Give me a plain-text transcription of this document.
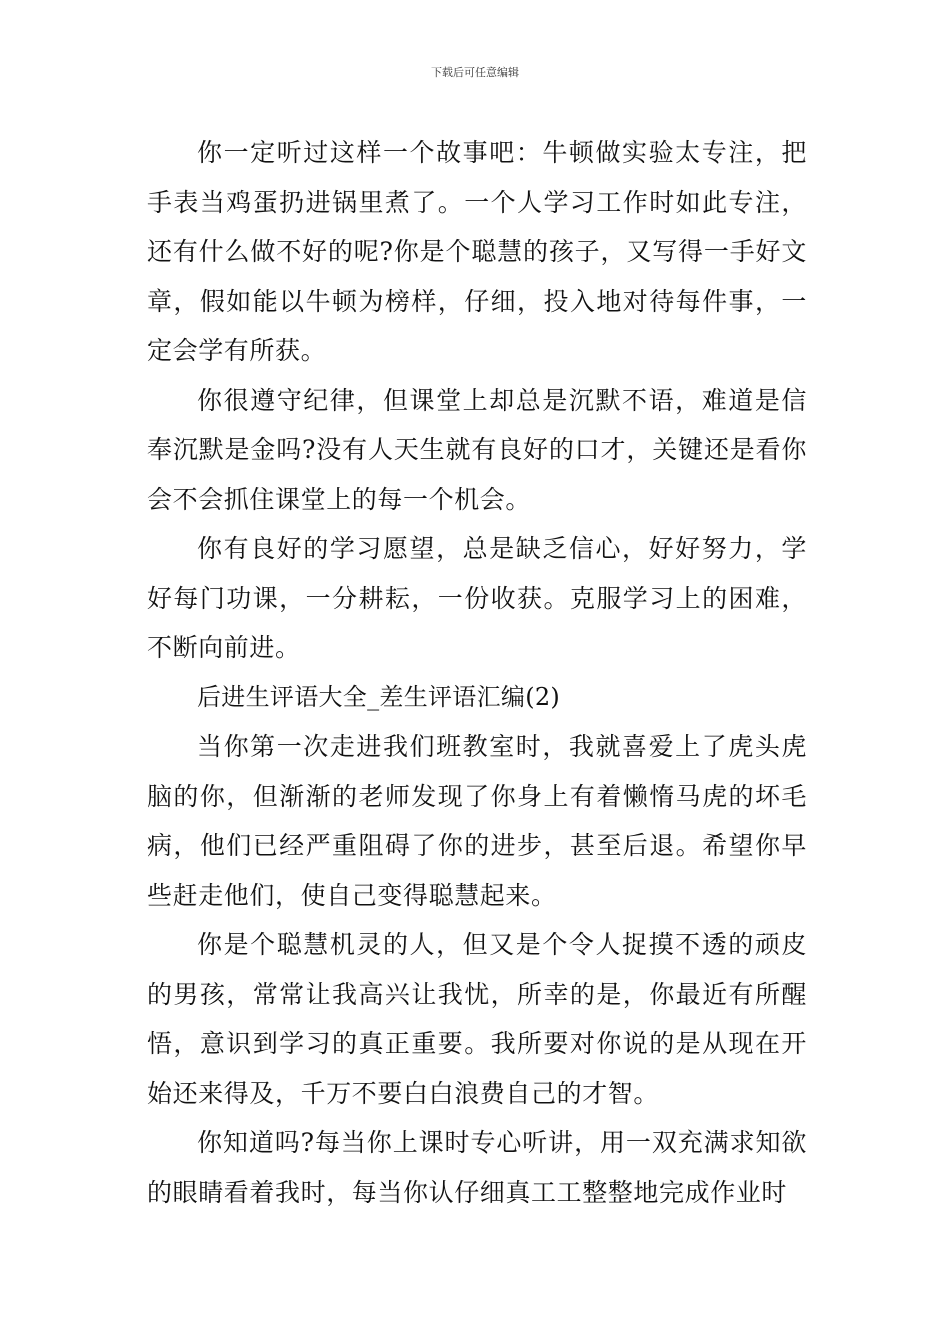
下载后可任意编辑

你一定听过这样一个故事吧：牛顿做实验太专注，把手表当鸡蛋扔进锅里煮了。一个人学习工作时如此专注，还有什么做不好的呢?你是个聪慧的孩子，又写得一手好文章，假如能以牛顿为榜样，仔细，投入地对待每件事，一定会学有所获。

你很遵守纪律，但课堂上却总是沉默不语，难道是信奉沉默是金吗?没有人天生就有良好的口才，关键还是看你会不会抓住课堂上的每一个机会。

你有良好的学习愿望，总是缺乏信心，好好努力，学好每门功课，一分耕耘，一份收获。克服学习上的困难，不断向前进。

后进生评语大全_差生评语汇编(2)

当你第一次走进我们班教室时，我就喜爱上了虎头虎脑的你，但渐渐的老师发现了你身上有着懒惰马虎的坏毛病，他们已经严重阻碍了你的进步，甚至后退。希望你早些赶走他们，使自己变得聪慧起来。

你是个聪慧机灵的人，但又是个令人捉摸不透的顽皮的男孩，常常让我高兴让我忧，所幸的是，你最近有所醒悟，意识到学习的真正重要。我所要对你说的是从现在开始还来得及，千万不要白白浪费自己的才智。

你知道吗?每当你上课时专心听讲，用一双充满求知欲的眼睛看着我时，每当你认仔细真工工整整地完成作业时
